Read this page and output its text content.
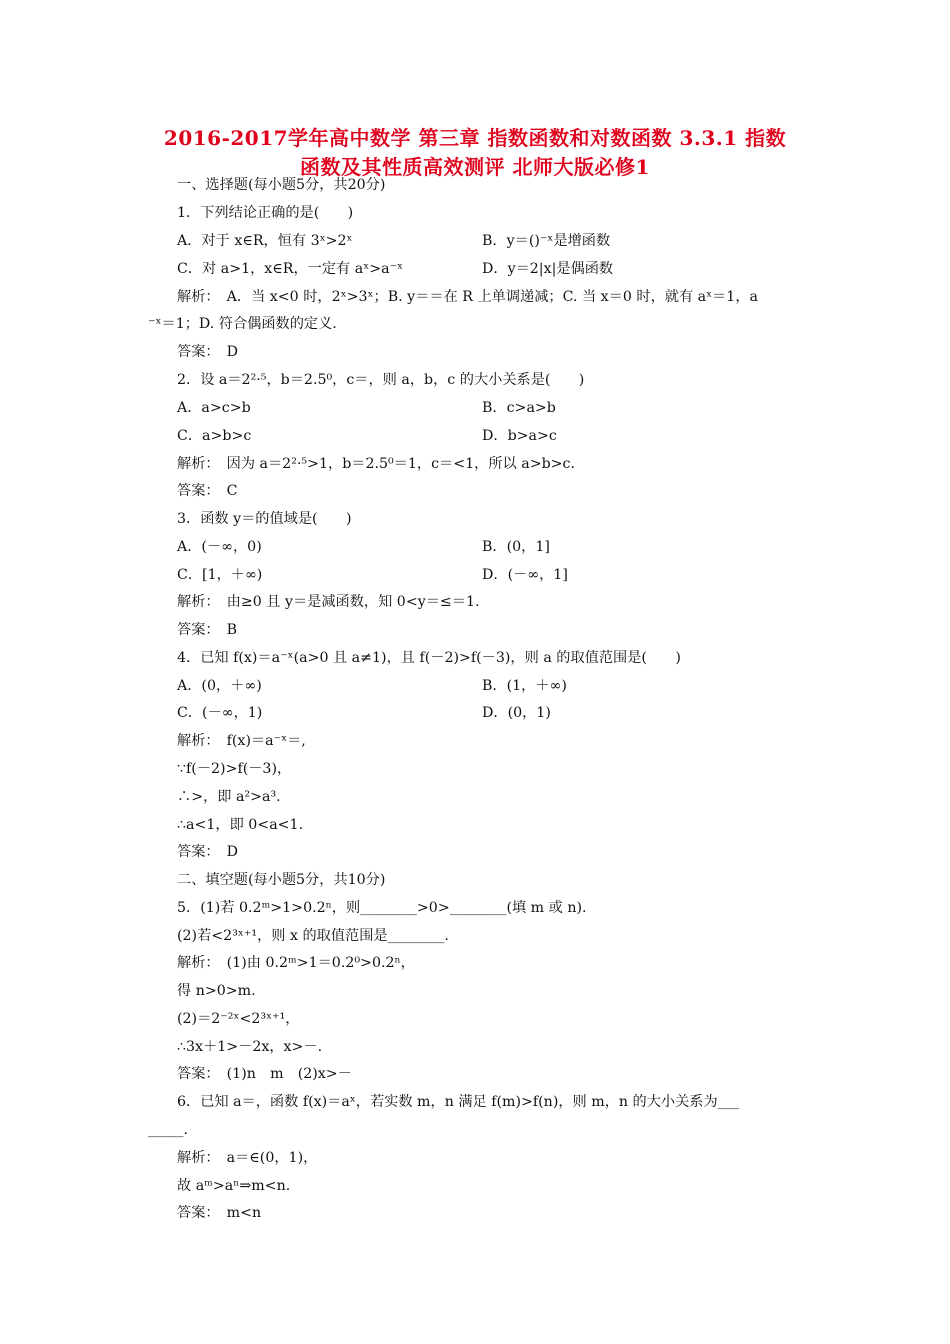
2016-2017学年高中数学 第三章 指数函数和对数函数 3.3.1 指数
函数及其性质高效测评 北师大版必修1
一、选择题(每小题5分，共20分)
1．下列结论正确的是(　　)
A．对于 x∈R，恒有 3ˣ>2ˣ	B．y＝()⁻ˣ是增函数
C．对 a>1，x∈R，一定有 aˣ>a⁻ˣ	D．y＝2|x|是偶函数
解析：　A．当 x<0 时，2ˣ>3ˣ；B. y＝＝在 R 上单调递减；C. 当 x＝0 时，就有 aˣ＝1，a
⁻ˣ＝1；D. 符合偶函数的定义.
答案：　D
2．设 a＝2²·⁵，b＝2.5⁰，c＝，则 a，b，c 的大小关系是(　　)
A．a>c>b	B．c>a>b
C．a>b>c	D．b>a>c
解析：　因为 a＝2²·⁵>1，b＝2.5⁰＝1，c＝<1，所以 a>b>c.
答案：　C
3．函数 y＝的值域是(　　)
A．(－∞，0)	B．(0，1]
C．[1，＋∞)	D．(－∞，1]
解析：　由≥0 且 y＝是减函数，知 0<y＝≤＝1.
答案：　B
4．已知 f(x)＝a⁻ˣ(a>0 且 a≠1)，且 f(－2)>f(－3)，则 a 的取值范围是(　　)
A．(0，＋∞)	B．(1，＋∞)
C．(－∞，1)	D．(0，1)
解析：　f(x)＝a⁻ˣ＝,
∵f(－2)>f(－3)，
∴>，即 a²>a³.
∴a<1，即 0<a<1.
答案：　D
二、填空题(每小题5分，共10分)
5．(1)若 0.2ᵐ>1>0.2ⁿ，则________>0>________(填 m 或 n).
(2)若<2³ˣ⁺¹，则 x 的取值范围是________.
解析：　(1)由 0.2ᵐ>1＝0.2⁰>0.2ⁿ，
得 n>0>m.
(2)＝2⁻²ˣ<2³ˣ⁺¹，
∴3x＋1>－2x，x>－.
答案：　(1)n　m　(2)x>－
6．已知 a＝，函数 f(x)＝aˣ，若实数 m，n 满足 f(m)>f(n)，则 m，n 的大小关系为___
_____.
解析：　a＝∈(0，1)，
故 aᵐ>aⁿ⇒m<n.
答案：　m<n
